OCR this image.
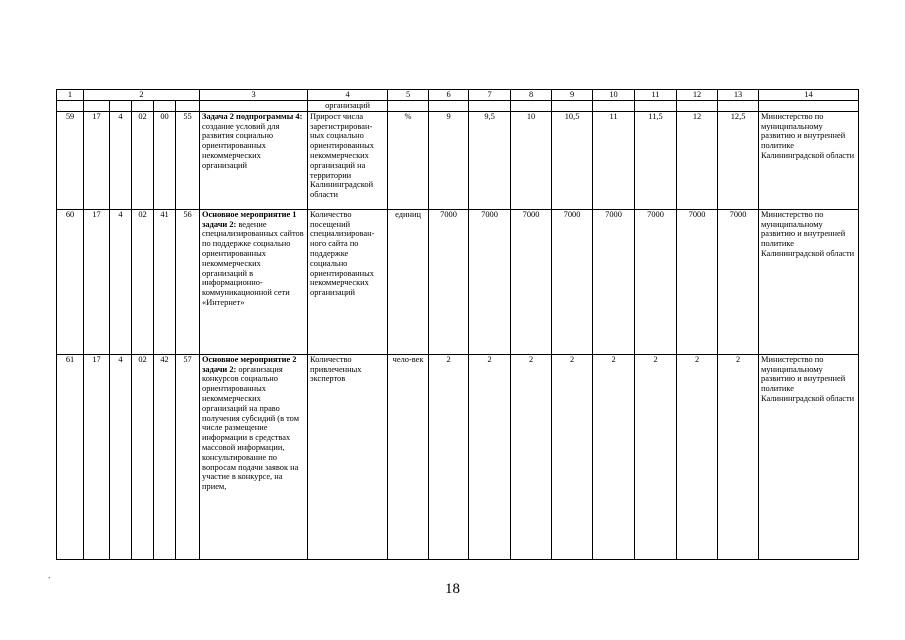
1	2					3	4	5	6	7	8	9	10	11	12	13	14
							организаций										
59	17	4	02	00	55	Задача 2 подпрограммы 4: создание условий для развития социально ориентированных некоммерческих организаций	Прирост числа зарегистрирован-ных социально ориентированных некоммерческих организаций на территории Калининградской области	%	9	9,5	10	10,5	11	11,5	12	12,5	Министерство по муниципальному развитию и внутренней политике Калининградской области
60	17	4	02	41	56	Основное мероприятие 1 задачи 2: ведение специализированных сайтов по поддержке социально ориентированных некоммерческих организаций в информационно-коммуникационной сети «Интернет»	Количество посещений специализирован-ного сайта по поддержке социально ориентированных некоммерческих организаций	единиц	7000	7000	7000	7000	7000	7000	7000	7000	Министерство по муниципальному развитию и внутренней политике Калининградской области
61	17	4	02	42	57	Основное мероприятие 2 задачи 2: организация конкурсов социально ориентированных некоммерческих организаций на право получения субсидий (в том числе размещение информации в средствах массовой информации, консультирование по вопросам подачи заявок на участие в конкурсе, на прием,	Количество привлеченных экспертов	чело-век	2	2	2	2	2	2	2	2	Министерство по муниципальному развитию и внутренней политике Калининградской области
‚
18
